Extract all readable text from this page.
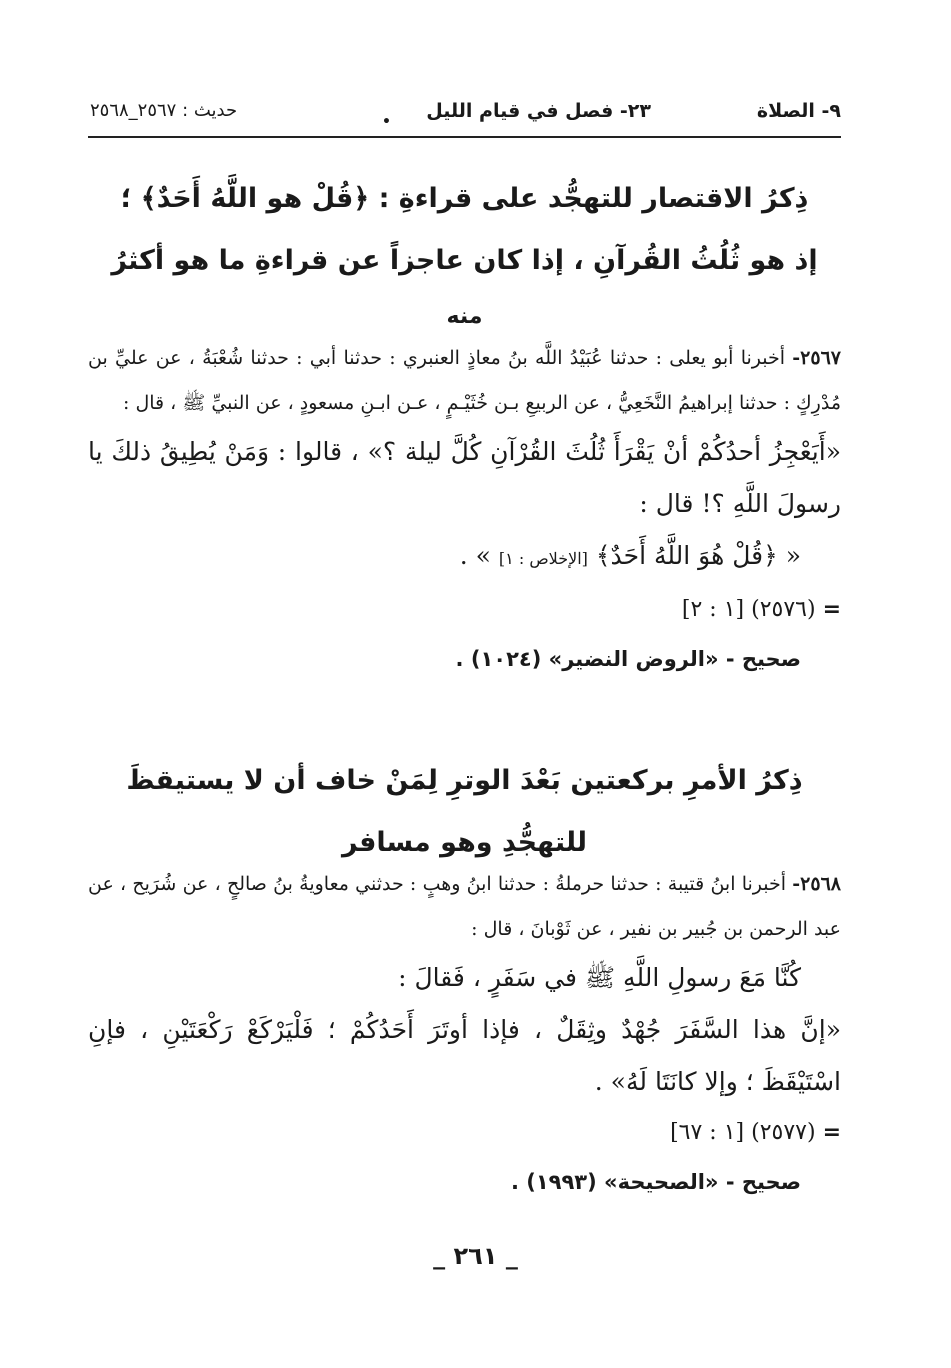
٩- الصلاة
٢٣- فصل في قيام الليل
•
حديث : ٢٥٦٧_٢٥٦٨

ذِكرُ الاقتصار للتهجُّد على قراءةِ : ﴿قُلْ هو اللَّهُ أَحَدٌ﴾ ؛

إذ هو ثُلُثُ القُرآنِ ، إذا كان عاجزاً عن قراءةِ ما هو أكثرُ

منه

٢٥٦٧- أخبرنا أبو يعلى : حدثنا عُبَيْدُ اللَّه بنُ معاذٍ العنبري : حدثنا أبي : حدثنا شُعْبَةُ ، عن عليِّ بن مُدْرِكٍ : حدثنا إبراهيمُ النَّخَعِيُّ ، عن الربيعِ بـن خُثَيْـمٍ ، عـن ابـنِ مسعودٍ ، عن النبيِّ ﷺ ، قال :

«أَيَعْجِزُ أحدُكُمْ أنْ يَقْرَأَ ثُلُثَ القُرْآنِ كُلَّ ليلة ؟» ، قالوا : وَمَنْ يُطِيقُ ذلكَ يا رسولَ اللَّهِ ؟! قال :

« ﴿قُلْ هُوَ اللَّهُ أَحَدٌ﴾ [الإخلاص : ١] » .

= (٢٥٧٦) [١ : ٢]

صحيح - «الروض النضير» (١٠٢٤) .

ذِكرُ الأمرِ بركعتين بَعْدَ الوترِ لِمَنْ خاف أن لا يستيقظَ

للتهجُّدِ وهو مسافر

٢٥٦٨- أخبرنا ابنُ قتيبة : حدثنا حرملةُ : حدثنا ابنُ وهبٍ : حدثني معاويةُ بنُ صالحٍ ، عن شُرَيح ، عن عبد الرحمن بن جُبير بن نفير ، عن ثَوْبانَ ، قال :

كُنَّا مَعَ رسولِ اللَّهِ ﷺ في سَفَرٍ ، فَقالَ :

«إنَّ هذا السَّفَرَ جُهْدٌ وثِقَلٌ ، فإذا أوتَرَ أَحَدُكُمْ ؛ فَلْيَرْكَعْ رَكْعَتَيْنِ ، فإنِ اسْتَيْقَظَ ؛ وإلا كانَتَا لَهُ» .

= (٢٥٧٧) [١ : ٦٧]

صحيح - «الصحيحة» (١٩٩٣) .

_ ٢٦١ _
